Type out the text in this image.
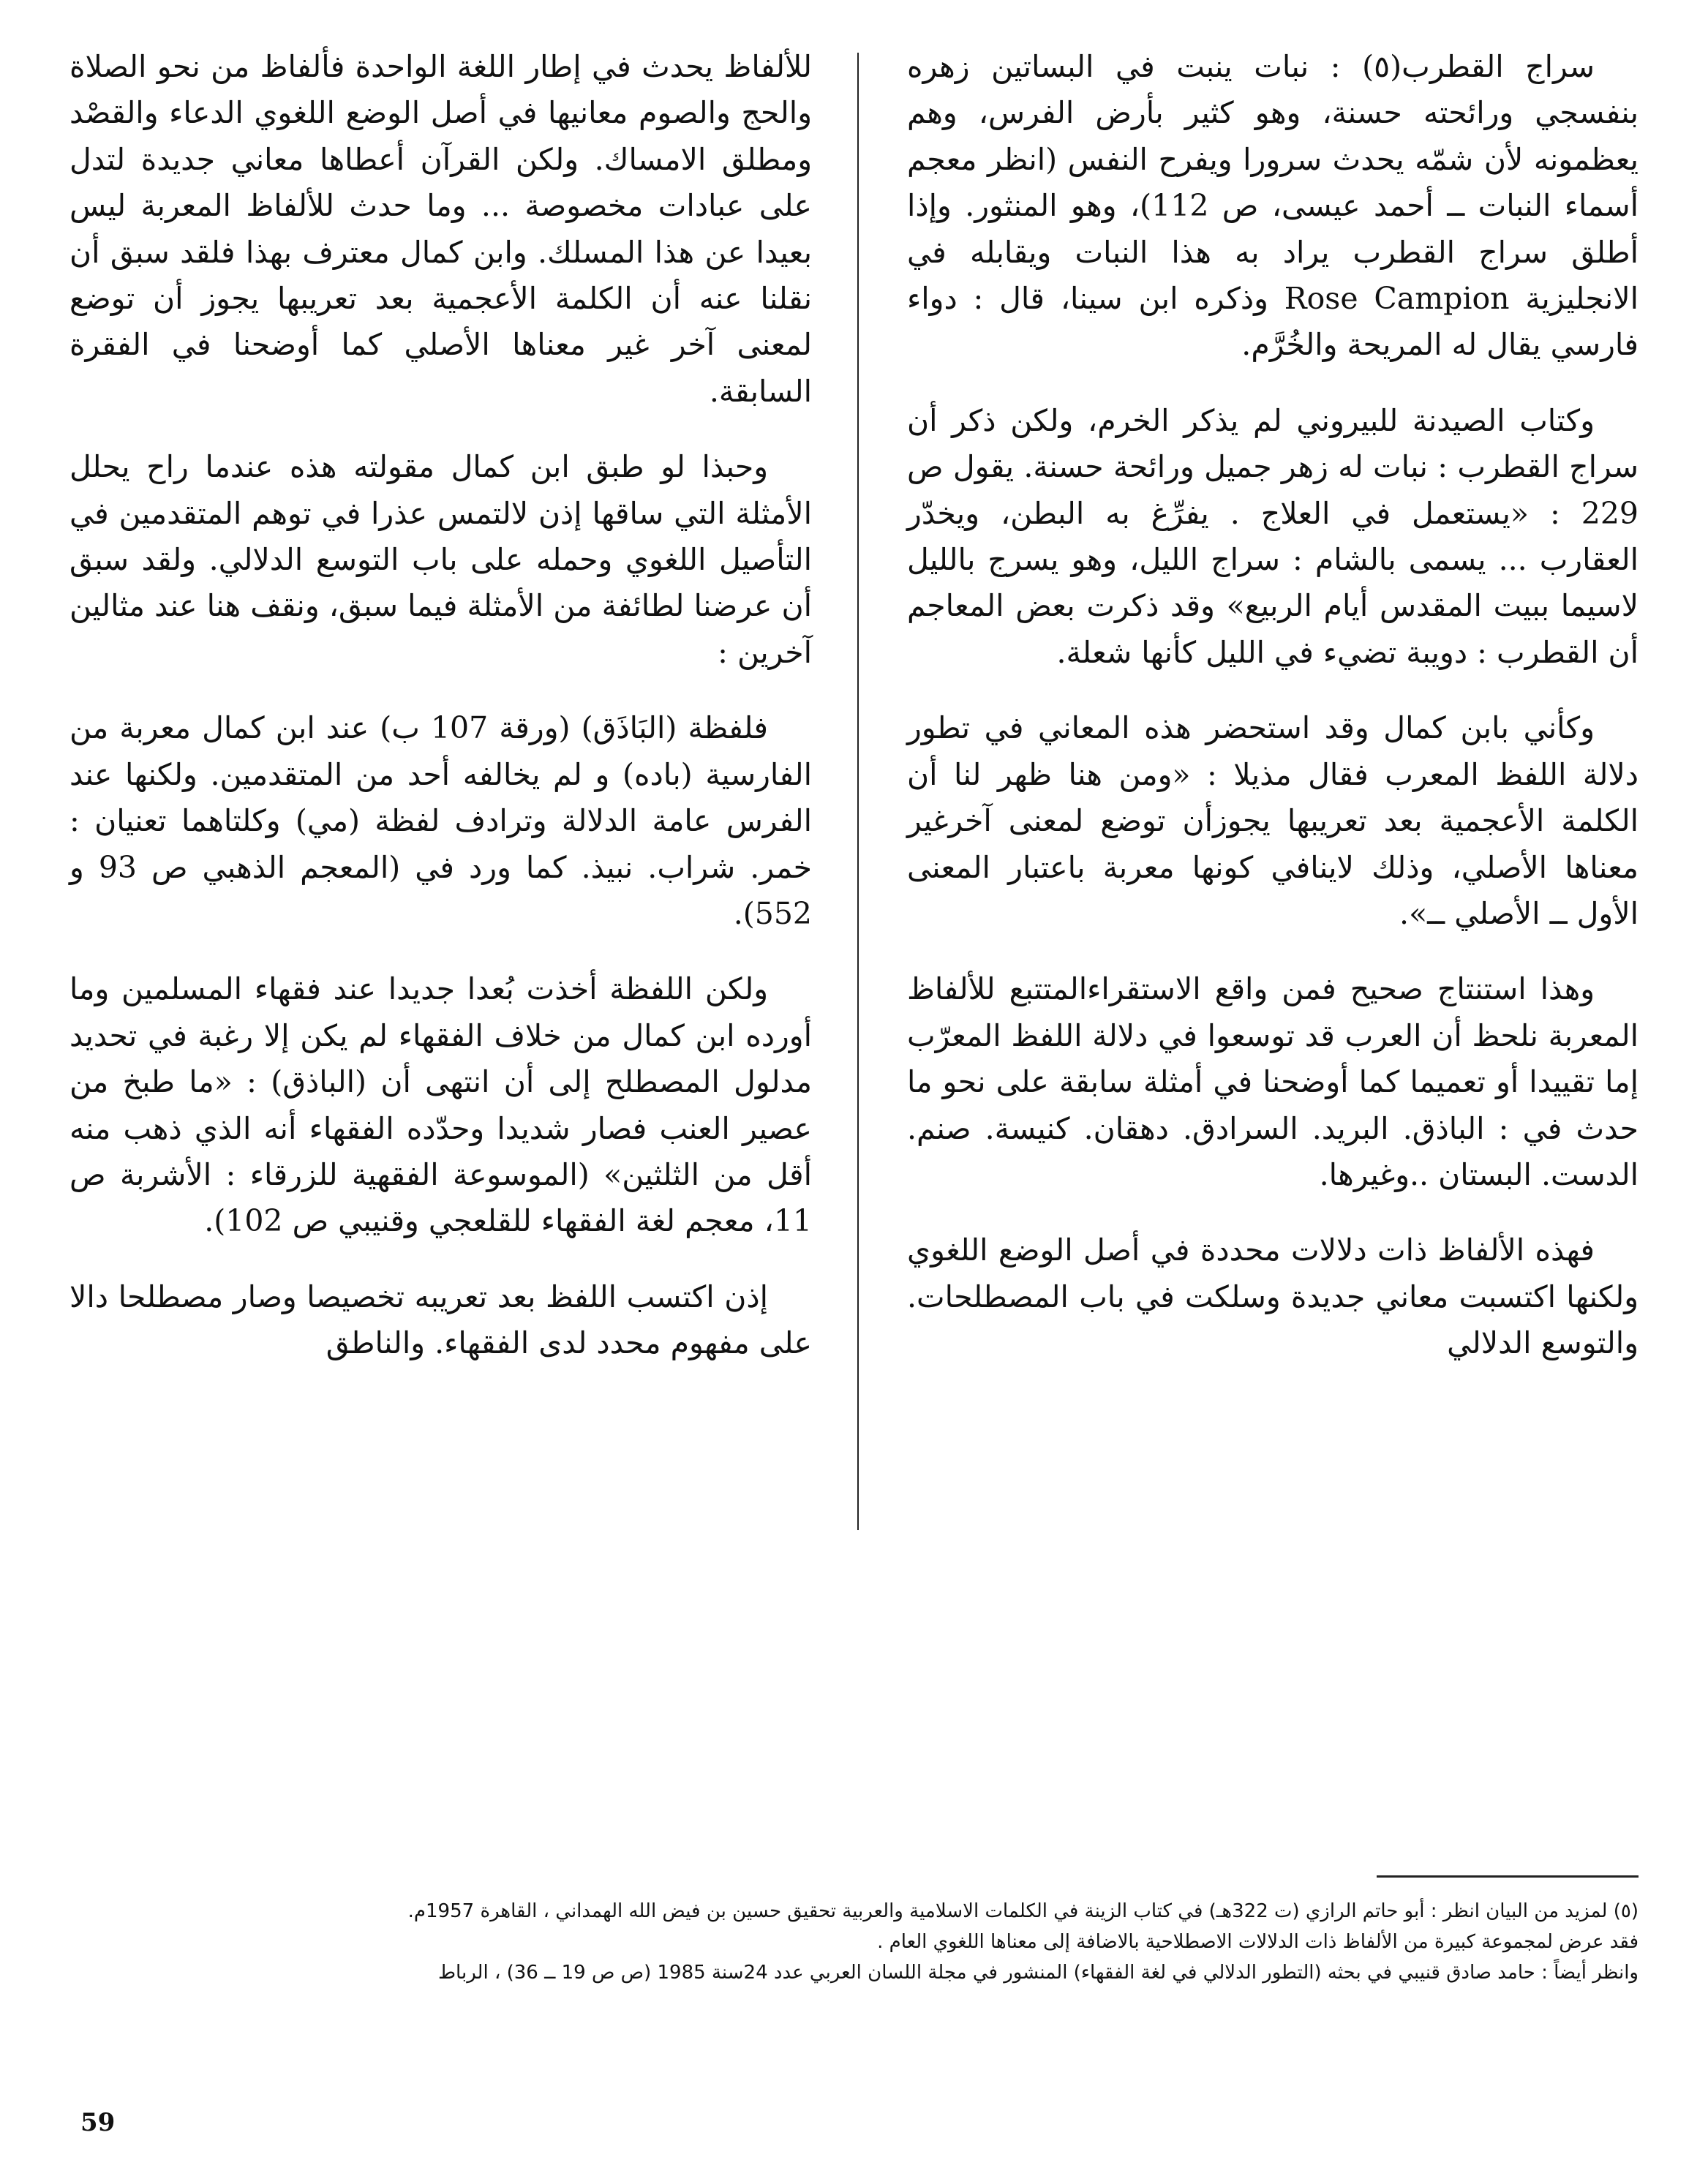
سراج القطرب(٥) : نبات ينبت في البساتين زهره بنفسجي ورائحته حسنة، وهو كثير بأرض الفرس، وهم يعظمونه لأن شمّه يحدث سرورا ويفرح النفس (انظر معجم أسماء النبات ــ أحمد عيسى، ص 112)، وهو المنثور. وإذا أطلق سراج القطرب يراد به هذا النبات ويقابله في الانجليزية Rose Campion وذكره ابن سينا، قال : دواء فارسي يقال له المريحة والخُرَّم.

وكتاب الصيدنة للبيروني لم يذكر الخرم، ولكن ذكر أن سراج القطرب : نبات له زهر جميل ورائحة حسنة. يقول ص 229 : «يستعمل في العلاج . يفرِّغ به البطن، ويخدّر العقارب ... يسمى بالشام : سراج الليل، وهو يسرج بالليل لاسيما ببيت المقدس أيام الربيع» وقد ذكرت بعض المعاجم أن القطرب : دويبة تضيء في الليل كأنها شعلة.

وكأني بابن كمال وقد استحضر هذه المعاني في تطور دلالة اللفظ المعرب فقال مذيلا : «ومن هنا ظهر لنا أن الكلمة الأعجمية بعد تعريبها يجوزأن توضع لمعنى آخرغير معناها الأصلي، وذلك لاينافي كونها معربة باعتبار المعنى الأول ــ الأصلي ــ».

وهذا استنتاج صحيح فمن واقع الاستقراءالمتتبع للألفاظ المعربة نلحظ أن العرب قد توسعوا في دلالة اللفظ المعرّب إما تقييدا أو تعميما كما أوضحنا في أمثلة سابقة على نحو ما حدث في : الباذق. البريد. السرادق. دهقان. كنيسة. صنم. الدست. البستان ..وغيرها.

فهذه الألفاظ ذات دلالات محددة في أصل الوضع اللغوي ولكنها اكتسبت معاني جديدة وسلكت في باب المصطلحات. والتوسع الدلالي

للألفاظ يحدث في إطار اللغة الواحدة فألفاظ من نحو الصلاة والحج والصوم معانيها في أصل الوضع اللغوي الدعاء والقصْد ومطلق الامساك. ولكن القرآن أعطاها معاني جديدة لتدل على عبادات مخصوصة ... وما حدث للألفاظ المعربة ليس بعيدا عن هذا المسلك. وابن كمال معترف بهذا فلقد سبق أن نقلنا عنه أن الكلمة الأعجمية بعد تعريبها يجوز أن توضع لمعنى آخر غير معناها الأصلي كما أوضحنا في الفقرة السابقة.

وحبذا لو طبق ابن كمال مقولته هذه عندما راح يحلل الأمثلة التي ساقها إذن لالتمس عذرا في توهم المتقدمين في التأصيل اللغوي وحمله على باب التوسع الدلالي. ولقد سبق أن عرضنا لطائفة من الأمثلة فيما سبق، ونقف هنا عند مثالين آخرين :

فلفظة (البَاذَق) (ورقة 107 ب) عند ابن كمال معربة من الفارسية (باده) و لم يخالفه أحد من المتقدمين. ولكنها عند الفرس عامة الدلالة وترادف لفظة (مي) وكلتاهما تعنيان : خمر. شراب. نبيذ. كما ورد في (المعجم الذهبي ص 93 و 552).

ولكن اللفظة أخذت بُعدا جديدا عند فقهاء المسلمين وما أورده ابن كمال من خلاف الفقهاء لم يكن إلا رغبة في تحديد مدلول المصطلح إلى أن انتهى أن (الباذق) : «ما طبخ من عصير العنب فصار شديدا وحدّده الفقهاء أنه الذي ذهب منه أقل من الثلثين» (الموسوعة الفقهية للزرقاء : الأشربة ص 11، معجم لغة الفقهاء للقلعجي وقنيبي ص 102).

إذن اكتسب اللفظ بعد تعريبه تخصيصا وصار مصطلحا دالا على مفهوم محدد لدى الفقهاء. والناطق

(٥) لمزيد من البيان انظر : أبو حاتم الرازي (ت 322هـ) في كتاب الزينة في الكلمات الاسلامية والعربية تحقيق حسين بن فيض الله الهمداني ، القاهرة 1957م.
فقد عرض لمجموعة كبيرة من الألفاظ ذات الدلالات الاصطلاحية بالاضافة إلى معناها اللغوي العام .
وانظر أيضاً : حامد صادق قنيبي في بحثه (التطور الدلالي في لغة الفقهاء) المنشور في مجلة اللسان العربي عدد 24سنة 1985 (ص ص 19 ــ 36) ، الرباط
59
